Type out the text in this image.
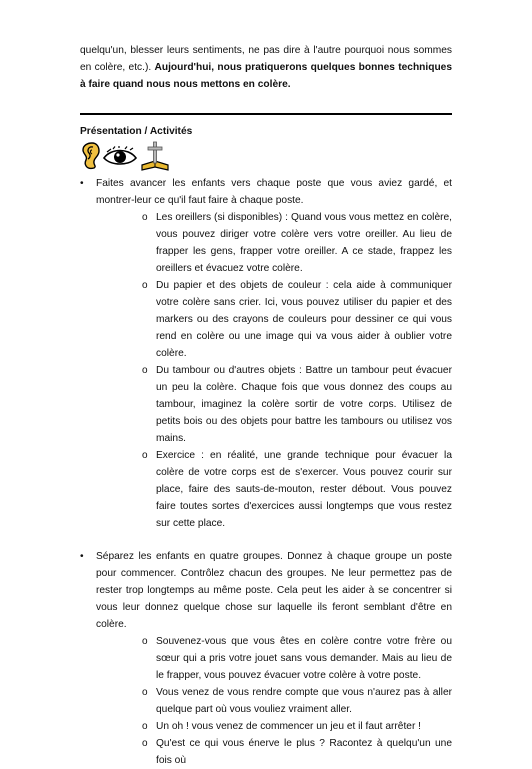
quelqu'un, blesser leurs sentiments, ne pas dire à l'autre pourquoi nous sommes en colère, etc.). Aujourd'hui, nous pratiquerons quelques bonnes techniques à faire quand nous nous mettons en colère.

Présentation / Activités
• Faites avancer les enfants vers chaque poste que vous aviez gardé, et montrer-leur ce qu'il faut faire à chaque poste.
o Les oreillers (si disponibles) : Quand vous vous mettez en colère, vous pouvez diriger votre colère vers votre oreiller. Au lieu de frapper les gens, frapper votre oreiller. A ce stade, frappez les oreillers et évacuez votre colère.
o Du papier et des objets de couleur : cela aide à communiquer votre colère sans crier. Ici, vous pouvez utiliser du papier et des markers ou des crayons de couleurs pour dessiner ce qui vous rend en colère ou une image qui va vous aider à oublier votre colère.
o Du tambour ou d'autres objets : Battre un tambour peut évacuer un peu la colère. Chaque fois que vous donnez des coups au tambour, imaginez la colère sortir de votre corps. Utilisez de petits bois ou des objets pour battre les tambours ou utilisez vos mains.
o Exercice : en réalité, une grande technique pour évacuer la colère de votre corps est de s'exercer. Vous pouvez courir sur place, faire des sauts-de-mouton, rester débout. Vous pouvez faire toutes sortes d'exercices aussi longtemps que vous restez sur cette place.
• Séparez les enfants en quatre groupes. Donnez à chaque groupe un poste pour commencer. Contrôlez chacun des groupes. Ne leur permettez pas de rester trop longtemps au même poste. Cela peut les aider à se concentrer si vous leur donnez quelque chose sur laquelle ils feront semblant d'être en colère.
o Souvenez-vous que vous êtes en colère contre votre frère ou sœur qui a pris votre jouet sans vous demander. Mais au lieu de le frapper, vous pouvez évacuer votre colère à votre poste.
o Vous venez de vous rendre compte que vous n'aurez pas à aller quelque part où vous vouliez vraiment aller.
o Un oh ! vous venez de commencer un jeu et il faut arrêter !
o Qu'est ce qui vous énerve le plus ? Racontez à quelqu'un une fois où
